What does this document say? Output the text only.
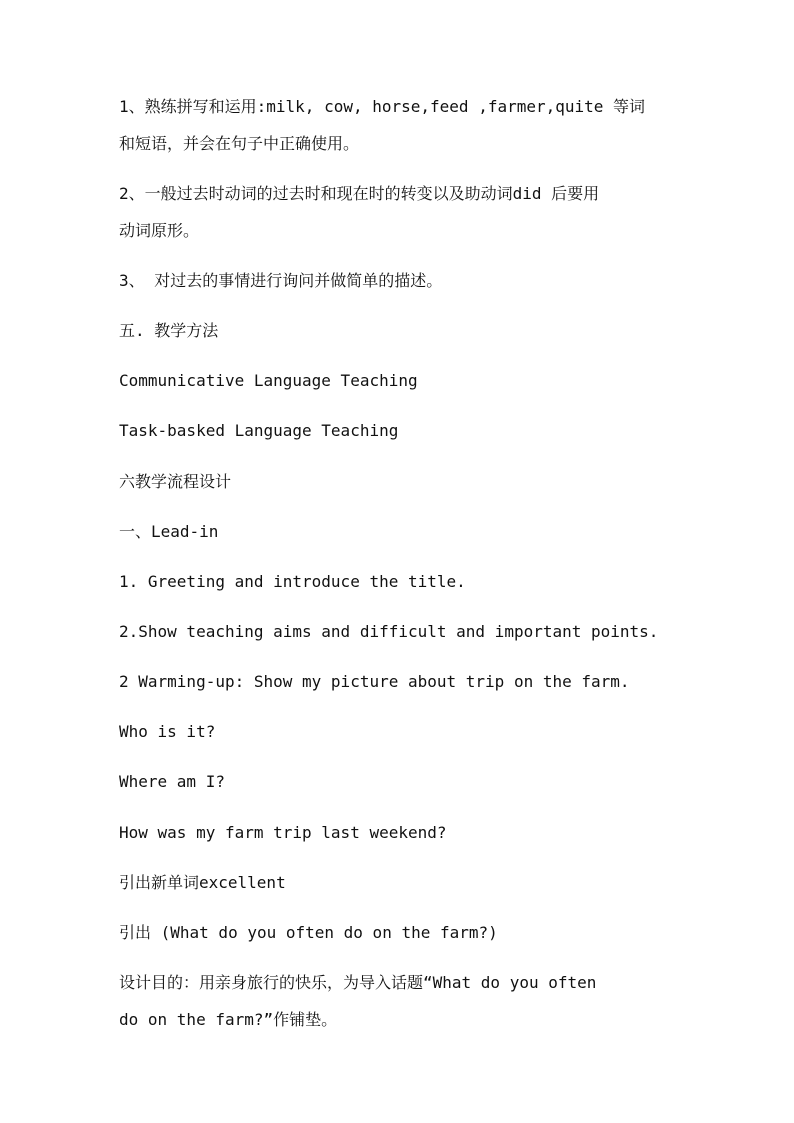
1、熟练拼写和运用:milk, cow, horse,feed ,farmer,quite 等词
和短语，并会在句子中正确使用。
2、一般过去时动词的过去时和现在时的转变以及助动词did 后要用
动词原形。
3、 对过去的事情进行询问并做简单的描述。
五. 教学方法
Communicative Language Teaching
Task-basked Language Teaching
六教学流程设计
一、Lead-in
1. Greeting and introduce the title.
2.Show teaching aims and difficult and important points.
2 Warming-up: Show my picture about trip on the farm.
Who is it?
Where am I?
How was my farm trip last weekend?
引出新单词excellent
引出 (What do you often do on the farm?)
设计目的：用亲身旅行的快乐，为导入话题“What do you often
do on the farm?”作铺垫。
